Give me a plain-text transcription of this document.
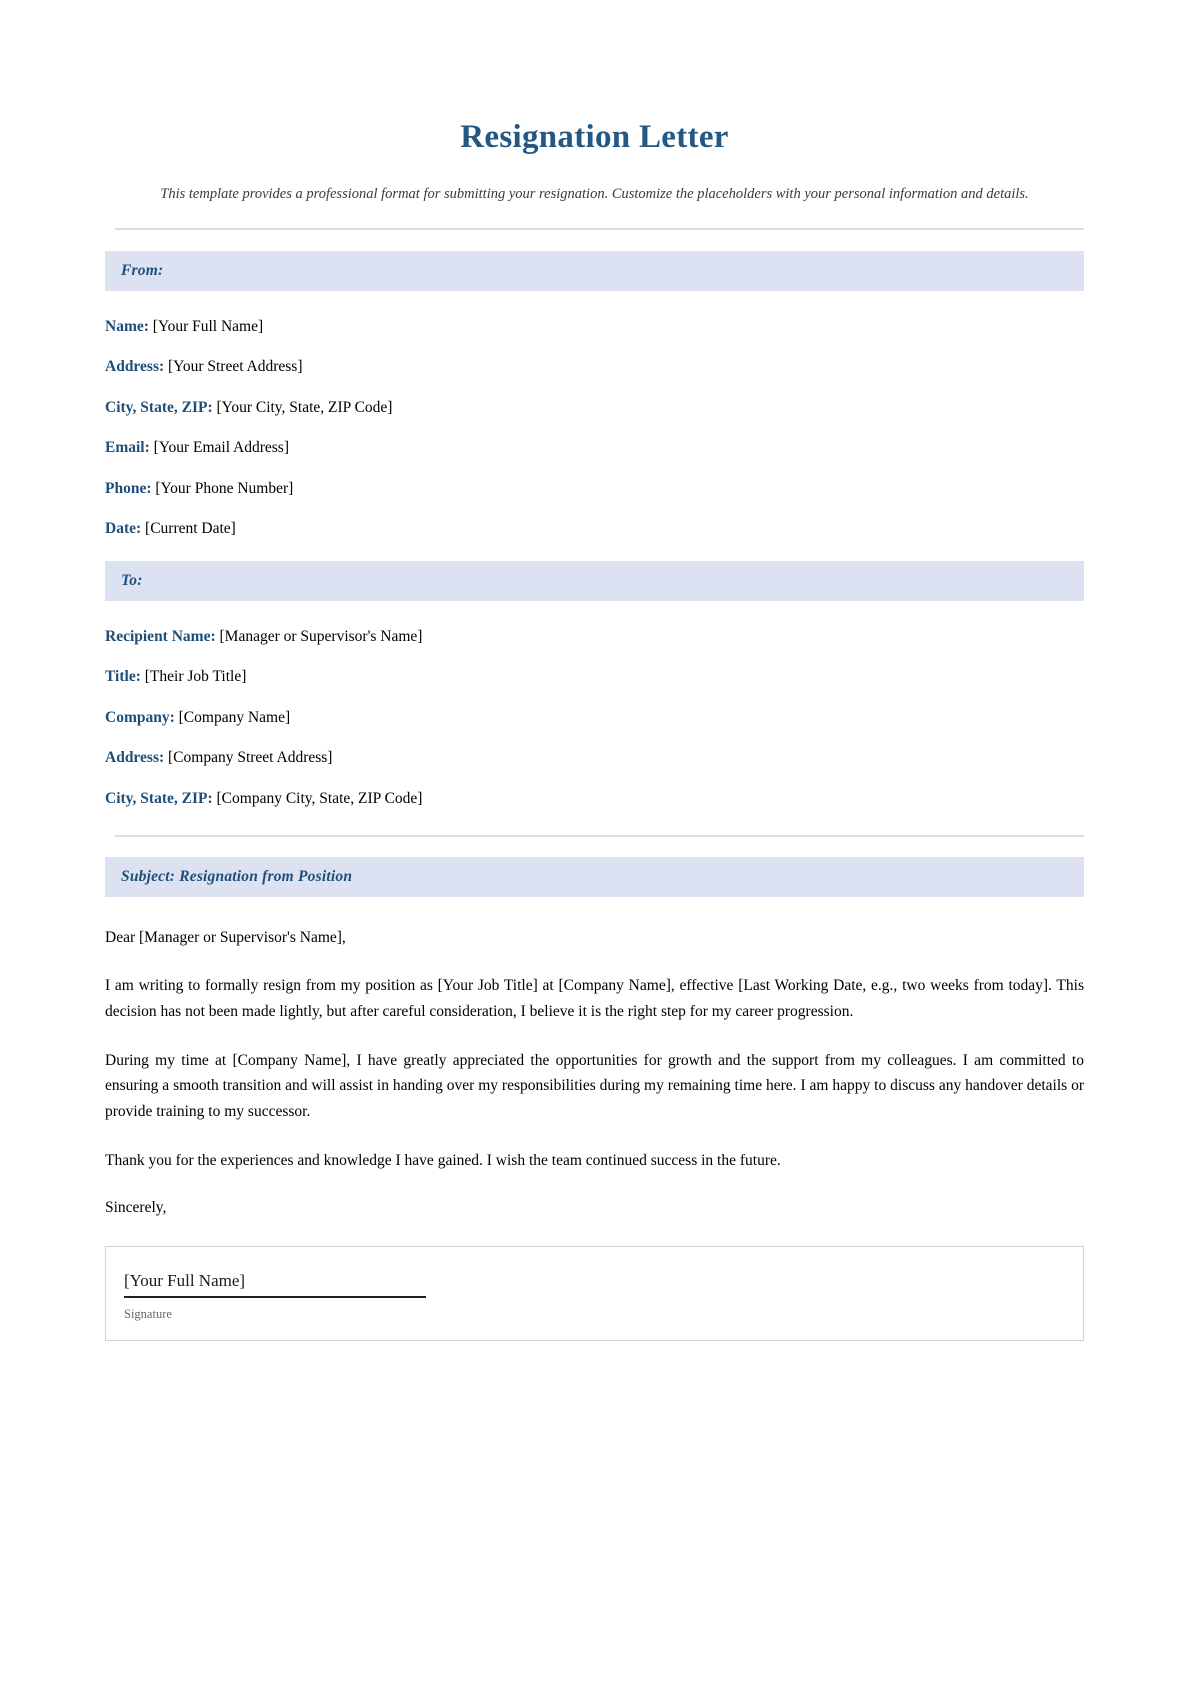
Resignation Letter

This template provides a professional format for submitting your resignation. Customize the placeholders with your personal information and details.

From:
Name: [Your Full Name]
Address: [Your Street Address]
City, State, ZIP: [Your City, State, ZIP Code]
Email: [Your Email Address]
Phone: [Your Phone Number]
Date: [Current Date]
To:
Recipient Name: [Manager or Supervisor's Name]
Title: [Their Job Title]
Company: [Company Name]
Address: [Company Street Address]
City, State, ZIP: [Company City, State, ZIP Code]
Subject: Resignation from Position

Dear [Manager or Supervisor's Name],

I am writing to formally resign from my position as [Your Job Title] at [Company Name], effective [Last Working Date, e.g., two weeks from today]. This decision has not been made lightly, but after careful consideration, I believe it is the right step for my career progression.

During my time at [Company Name], I have greatly appreciated the opportunities for growth and the support from my colleagues. I am committed to ensuring a smooth transition and will assist in handing over my responsibilities during my remaining time here. I am happy to discuss any handover details or provide training to my successor.

Thank you for the experiences and knowledge I have gained. I wish the team continued success in the future.

Sincerely,

[Your Full Name]
Signature
